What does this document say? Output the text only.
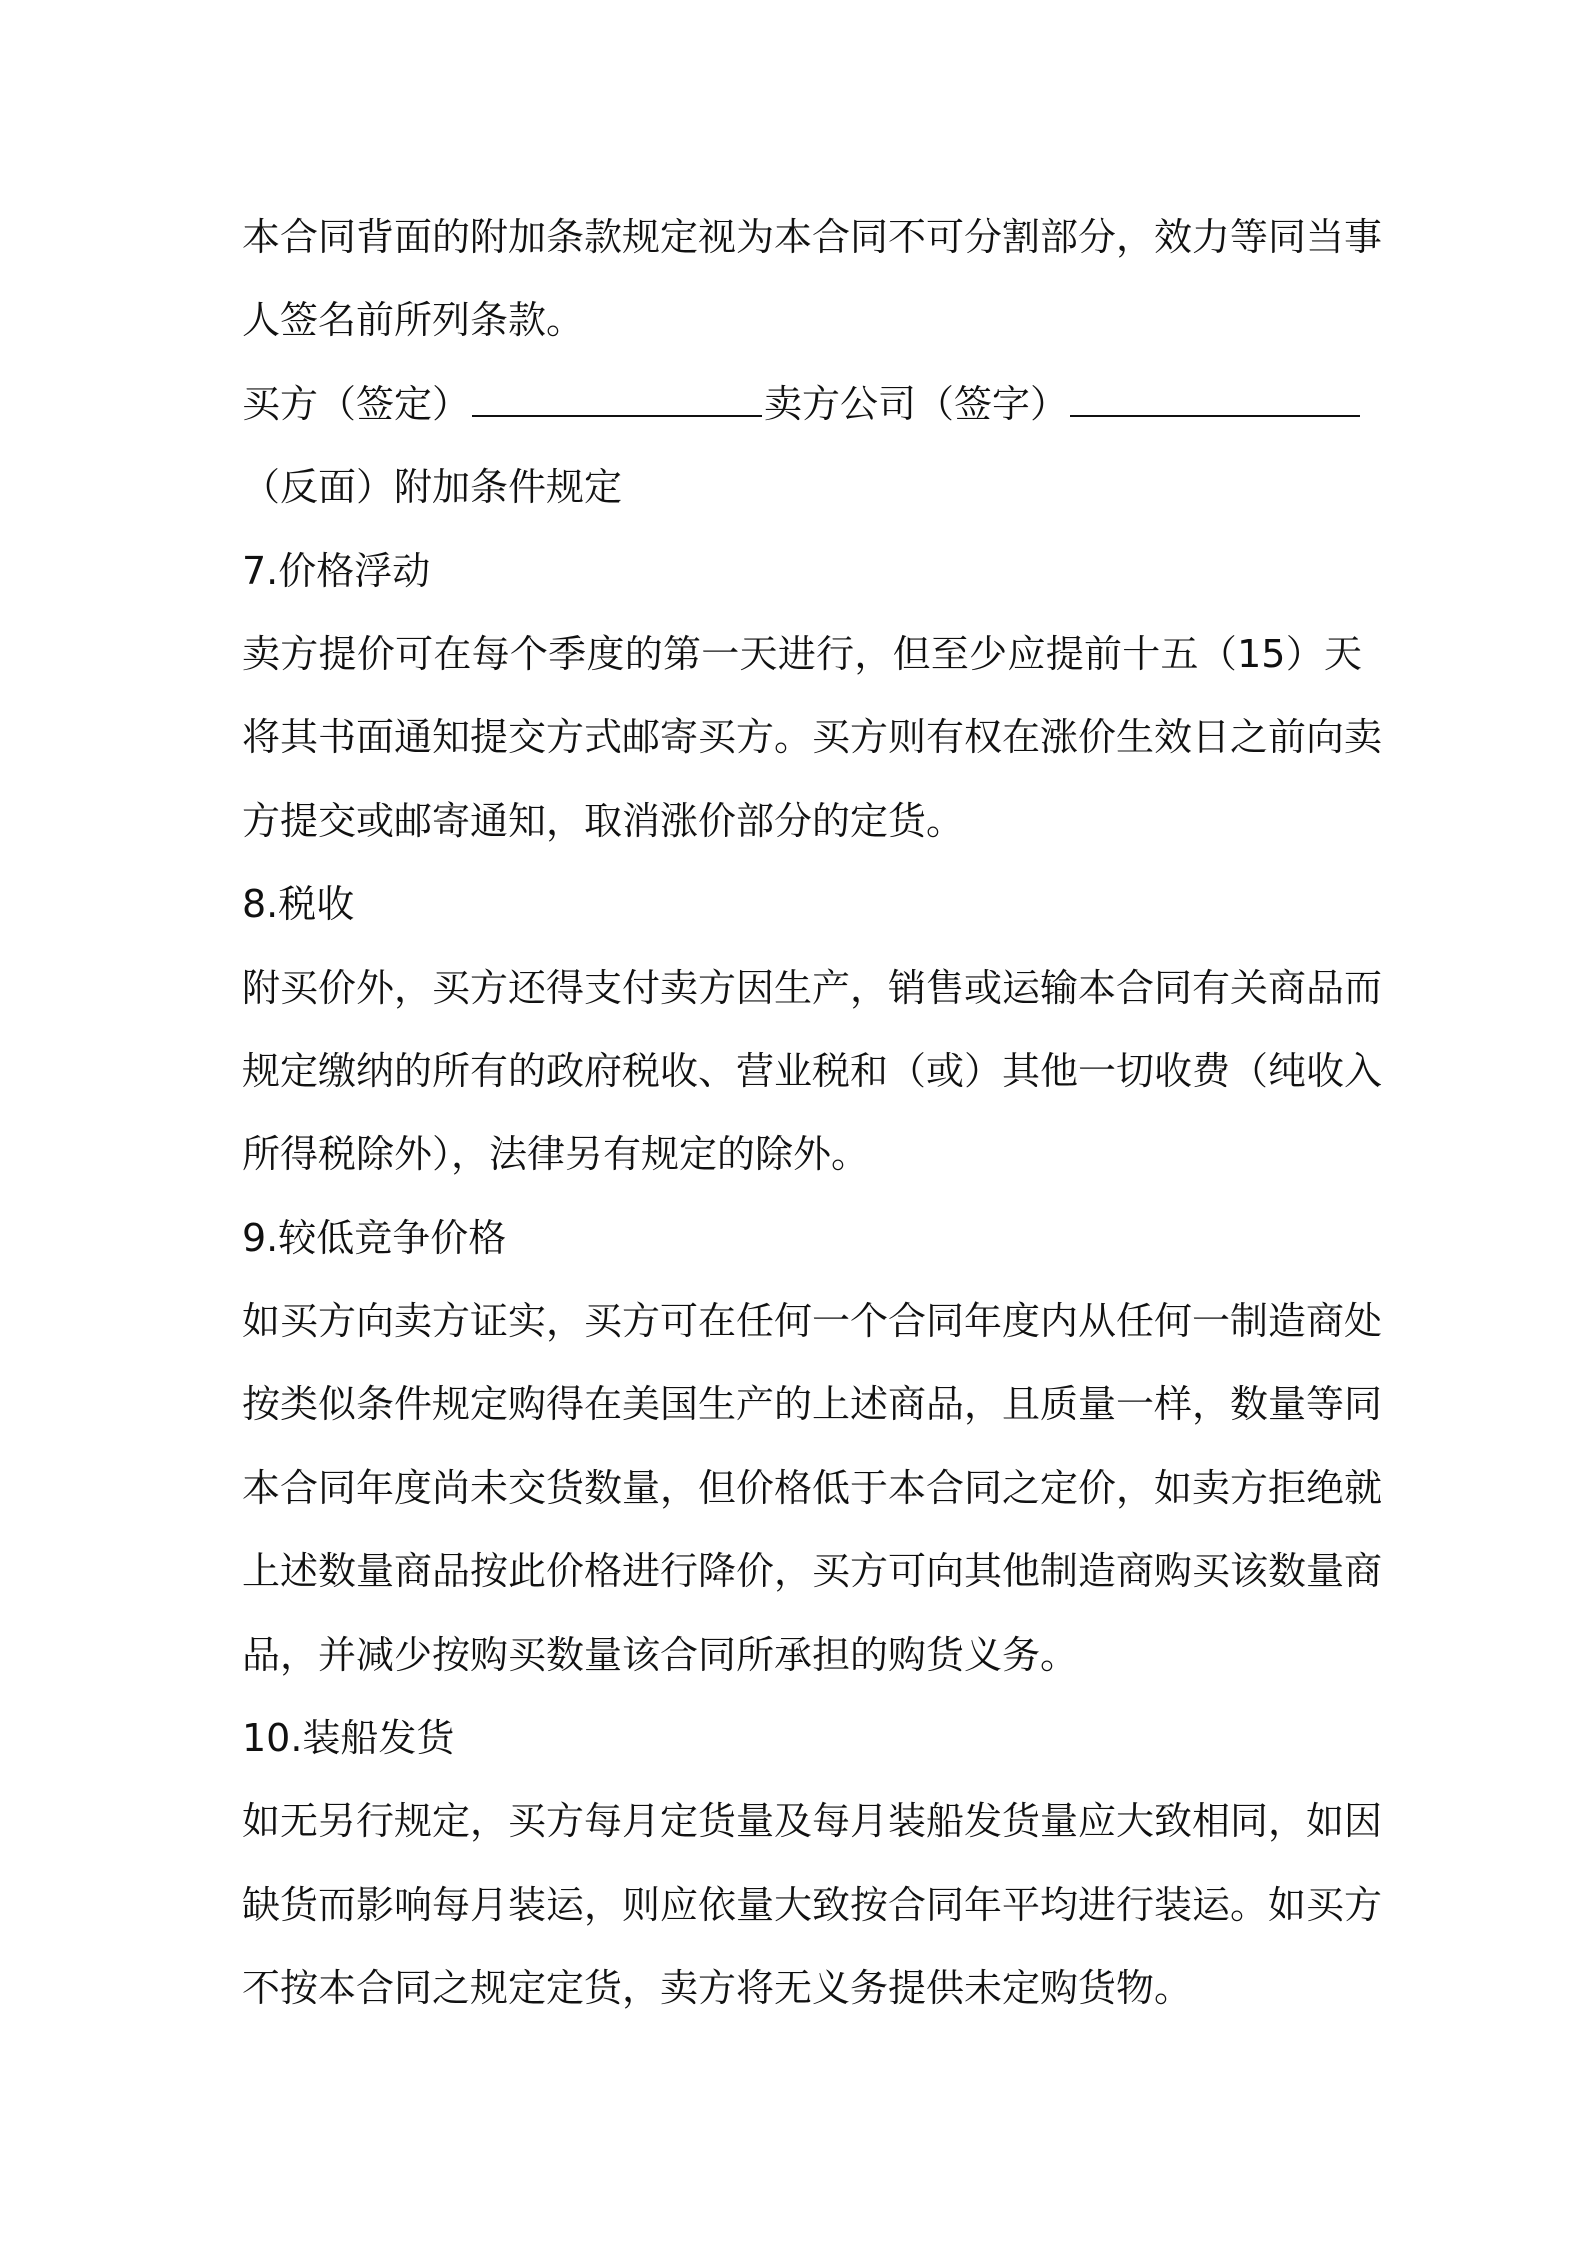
本合同背面的附加条款规定视为本合同不可分割部分，效力等同当事

人签名前所列条款。

买方（签定）	卖方公司（签字）

（反面）附加条件规定

7.价格浮动

卖方提价可在每个季度的第一天进行，但至少应提前十五（15）天

将其书面通知提交方式邮寄买方。买方则有权在涨价生效日之前向卖

方提交或邮寄通知，取消涨价部分的定货。

8.税收

附买价外，买方还得支付卖方因生产，销售或运输本合同有关商品而

规定缴纳的所有的政府税收、营业税和（或）其他一切收费（纯收入

所得税除外），法律另有规定的除外。

9.较低竞争价格

如买方向卖方证实，买方可在任何一个合同年度内从任何一制造商处

按类似条件规定购得在美国生产的上述商品，且质量一样，数量等同

本合同年度尚未交货数量，但价格低于本合同之定价，如卖方拒绝就

上述数量商品按此价格进行降价，买方可向其他制造商购买该数量商

品，并减少按购买数量该合同所承担的购货义务。

10.装船发货

如无另行规定，买方每月定货量及每月装船发货量应大致相同，如因

缺货而影响每月装运，则应依量大致按合同年平均进行装运。如买方

不按本合同之规定定货，卖方将无义务提供未定购货物。
